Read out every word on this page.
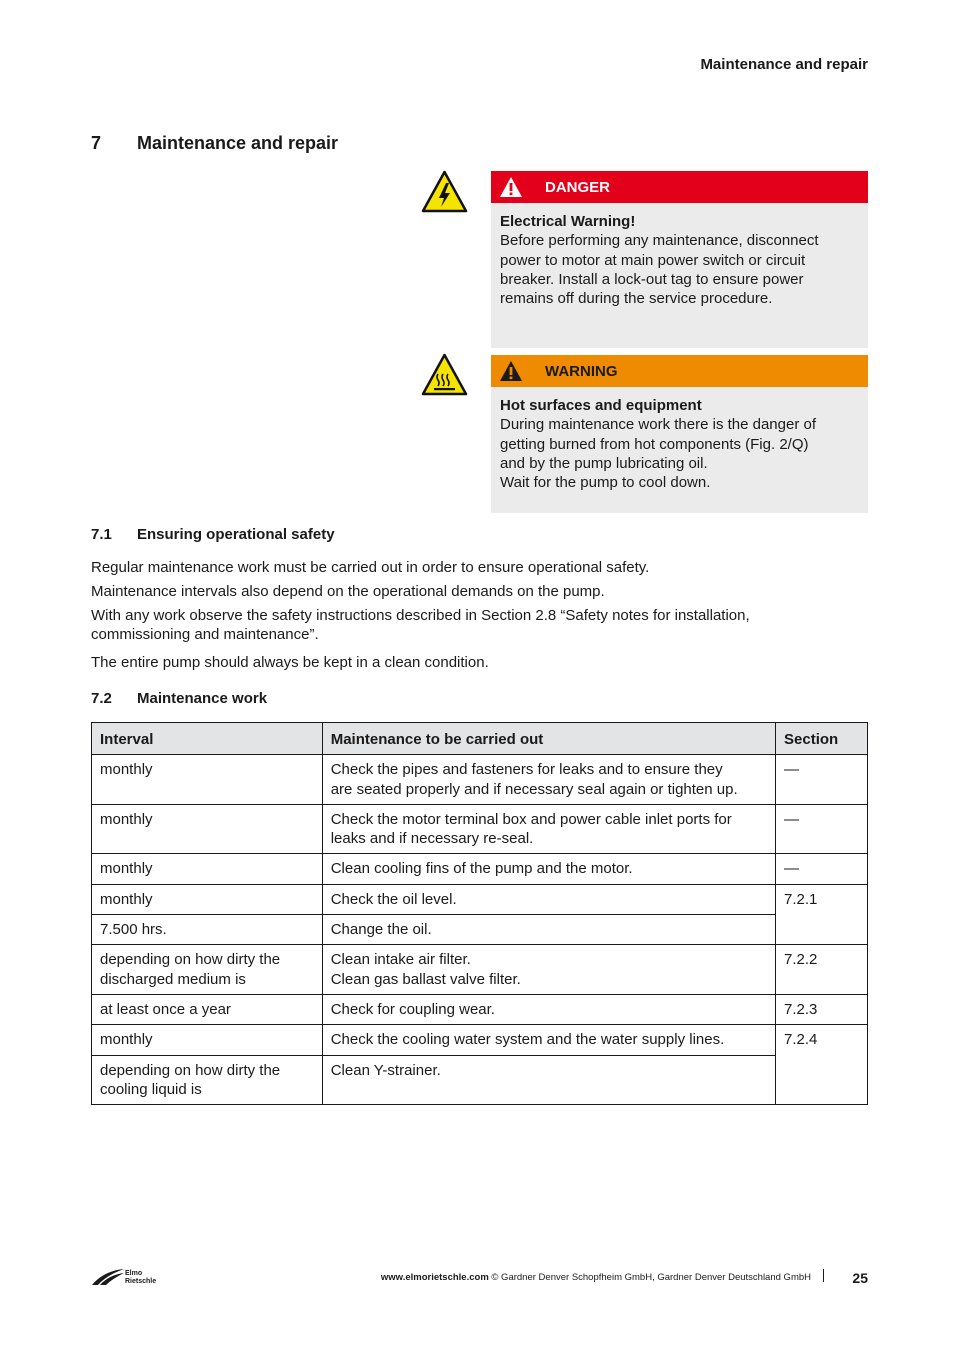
Maintenance and repair
7 Maintenance and repair
DANGER
Electrical Warning!
Before performing any maintenance, disconnect
power to motor at main power switch or circuit
breaker. Install a lock-out tag to ensure power
remains off during the service procedure.
WARNING
Hot surfaces and equipment
During maintenance work there is the danger of
getting burned from hot components (Fig. 2/Q)
and by the pump lubricating oil.
Wait for the pump to cool down.
7.1 Ensuring operational safety
Regular maintenance work must be carried out in order to ensure operational safety.
Maintenance intervals also depend on the operational demands on the pump.
With any work observe the safety instructions described in Section 2.8 “Safety notes for installation, commissioning and maintenance”.
The entire pump should always be kept in a clean condition.
7.2 Maintenance work
Interval	Maintenance to be carried out	Section

monthly	Check the pipes and fasteners for leaks and to ensure they
are seated properly and if necessary seal again or tighten up.	—

monthly	Check the motor terminal box and power cable inlet ports for
leaks and if necessary re-seal.	—

monthly	Clean cooling fins of the pump and the motor.	—

monthly	Check the oil level.	7.2.1

7.500 hrs.	Change the oil.	

depending on how dirty the
discharged medium is	Clean intake air filter.
Clean gas ballast valve filter.	7.2.2

at least once a year	Check for coupling wear.	7.2.3

monthly	Check the cooling water system and the water supply lines.	7.2.4

depending on how dirty the
cooling liquid is	Clean Y-strainer.	
Elmo
Rietschle	www.elmorietschle.com © Gardner Denver Schopfheim GmbH, Gardner Denver Deutschland GmbH	25
